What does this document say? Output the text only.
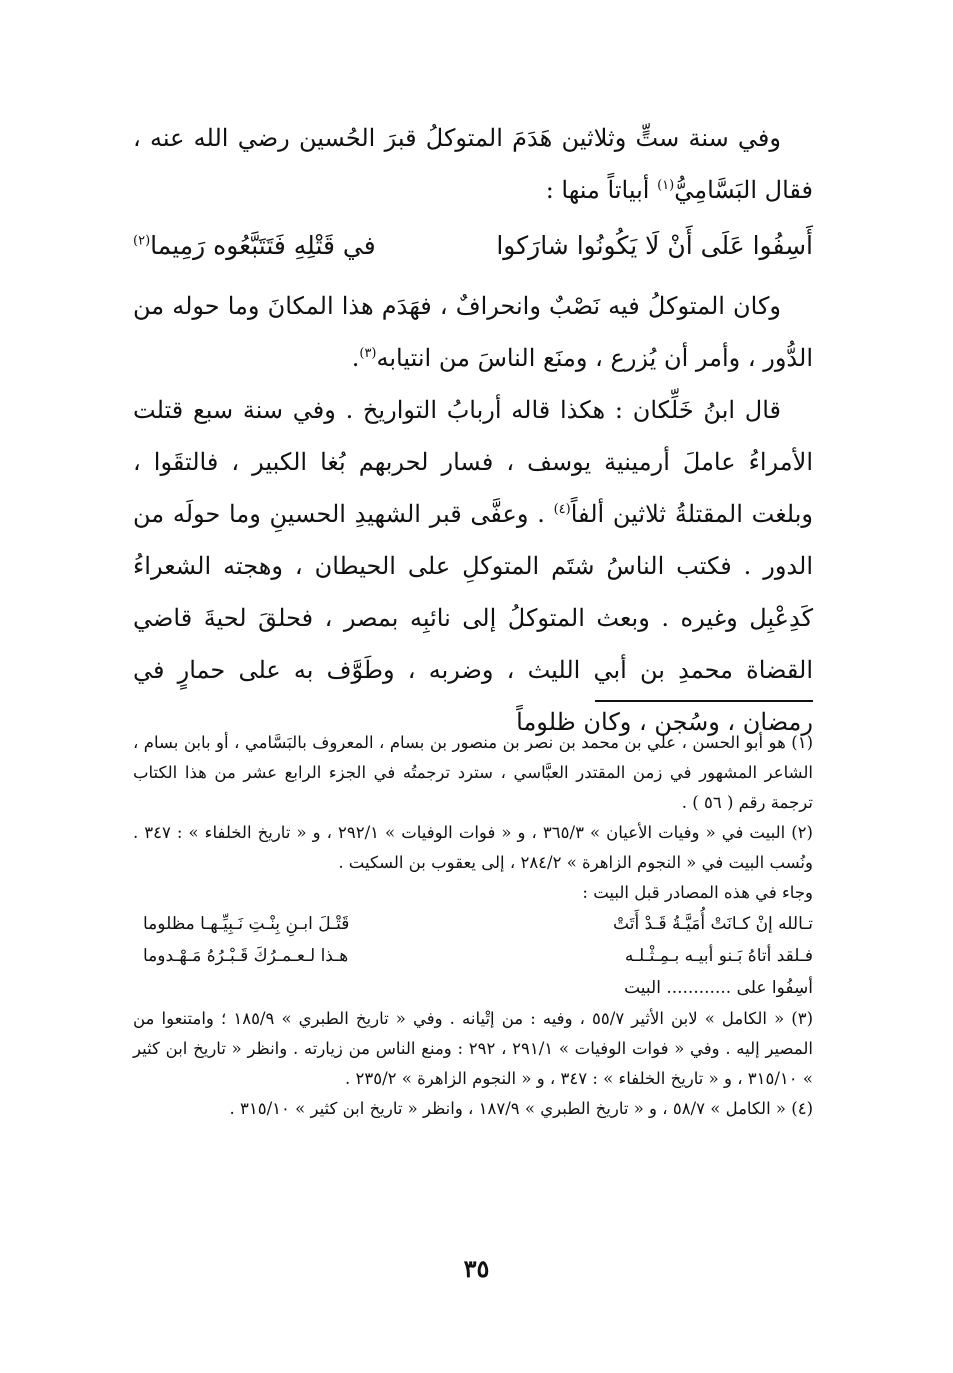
وفي سنة ستٍّ وثلاثين هَدَمَ المتوكلُ قبرَ الحُسين رضي الله عنه ، فقال البَسَّامِيُّ$^{(١)}$ أبياتاً منها :

أَسِفُوا عَلَى أَنْ لَا يَكُونُوا شارَكوا
في قَتْلِهِ فَتَتَبَّعُوه رَمِيما$^{(٢)}$

وكان المتوكلُ فيه نَصْبٌ وانحرافٌ ، فهَدَم هذا المكانَ وما حوله من الدُّور ، وأمر أن يُزرع ، ومنَع الناسَ من انتيابه$^{(٣)}$.

قال ابنُ خَلِّكان : هكذا قاله أربابُ التواريخ . وفي سنة سبع قتلت الأمراءُ عاملَ أرمينية يوسف ، فسار لحربهم بُغا الكبير ، فالتقَوا ، وبلغت المقتلةُ ثلاثين ألفاً$^{(٤)}$ . وعفَّى قبر الشهيدِ الحسينِ وما حولَه من الدور . فكتب الناسُ شتَم المتوكلِ على الحيطان ، وهجته الشعراءُ كَدِعْبِل وغيره . وبعث المتوكلُ إلى نائبِه بمصر ، فحلقَ لحيةَ قاضي القضاة محمدِ بن أبي الليث ، وضربه ، وطَوَّف به على حمارٍ في رمضان ، وسُجن ، وكان ظلوماً

(١) هو أبو الحسن ، علي بن محمد بن نصر بن منصور بن بسام ، المعروف بالبَسَّامي ، أو بابن بسام ، الشاعر المشهور في زمن المقتدر العبَّاسي ، سترد ترجمتُه في الجزء الرابع عشر من هذا الكتاب ترجمة رقم ( ٥٦ ) .

(٢) البيت في « وفيات الأعيان » ٣٦٥/٣ ، و « فوات الوفيات » ٢٩٢/١ ، و « تاريخ الخلفاء » : ٣٤٧ . ونُسب البيت في « النجوم الزاهرة » ٢٨٤/٢ ، إلى يعقوب بن السكيت .

وجاء في هذه المصادر قبل البيت :

تـالله إنْ كـانَتْ أُمَيَّـةُ قَـدْ أَتَتْ
قَتْـلَ ابـنِ بِنْـتِ نَـبِيِّـهـا مظلوما
فـلقد أتاهُ بَـنو أبيـه بـمِـثْـلـه
هـذا لـعـمـرُكَ قَـبْـرُهُ مَـهْـدوما
أسِفُوا على ............ البيت

(٣) « الكامل » لابن الأثير ٥٥/٧ ، وفيه : من إتْيانه . وفي « تاريخ الطبري » ١٨٥/٩ ؛ وامتنعوا من المصير إليه . وفي « فوات الوفيات » ٢٩١/١ ، ٢٩٢ : ومنع الناس من زيارته . وانظر « تاريخ ابن كثير » ٣١٥/١٠ ، و « تاريخ الخلفاء » : ٣٤٧ ، و « النجوم الزاهرة » ٢٣٥/٢ .

(٤) « الكامل » ٥٨/٧ ، و « تاريخ الطبري » ١٨٧/٩ ، وانظر « تاريخ ابن كثير » ٣١٥/١٠ .

٣٥
